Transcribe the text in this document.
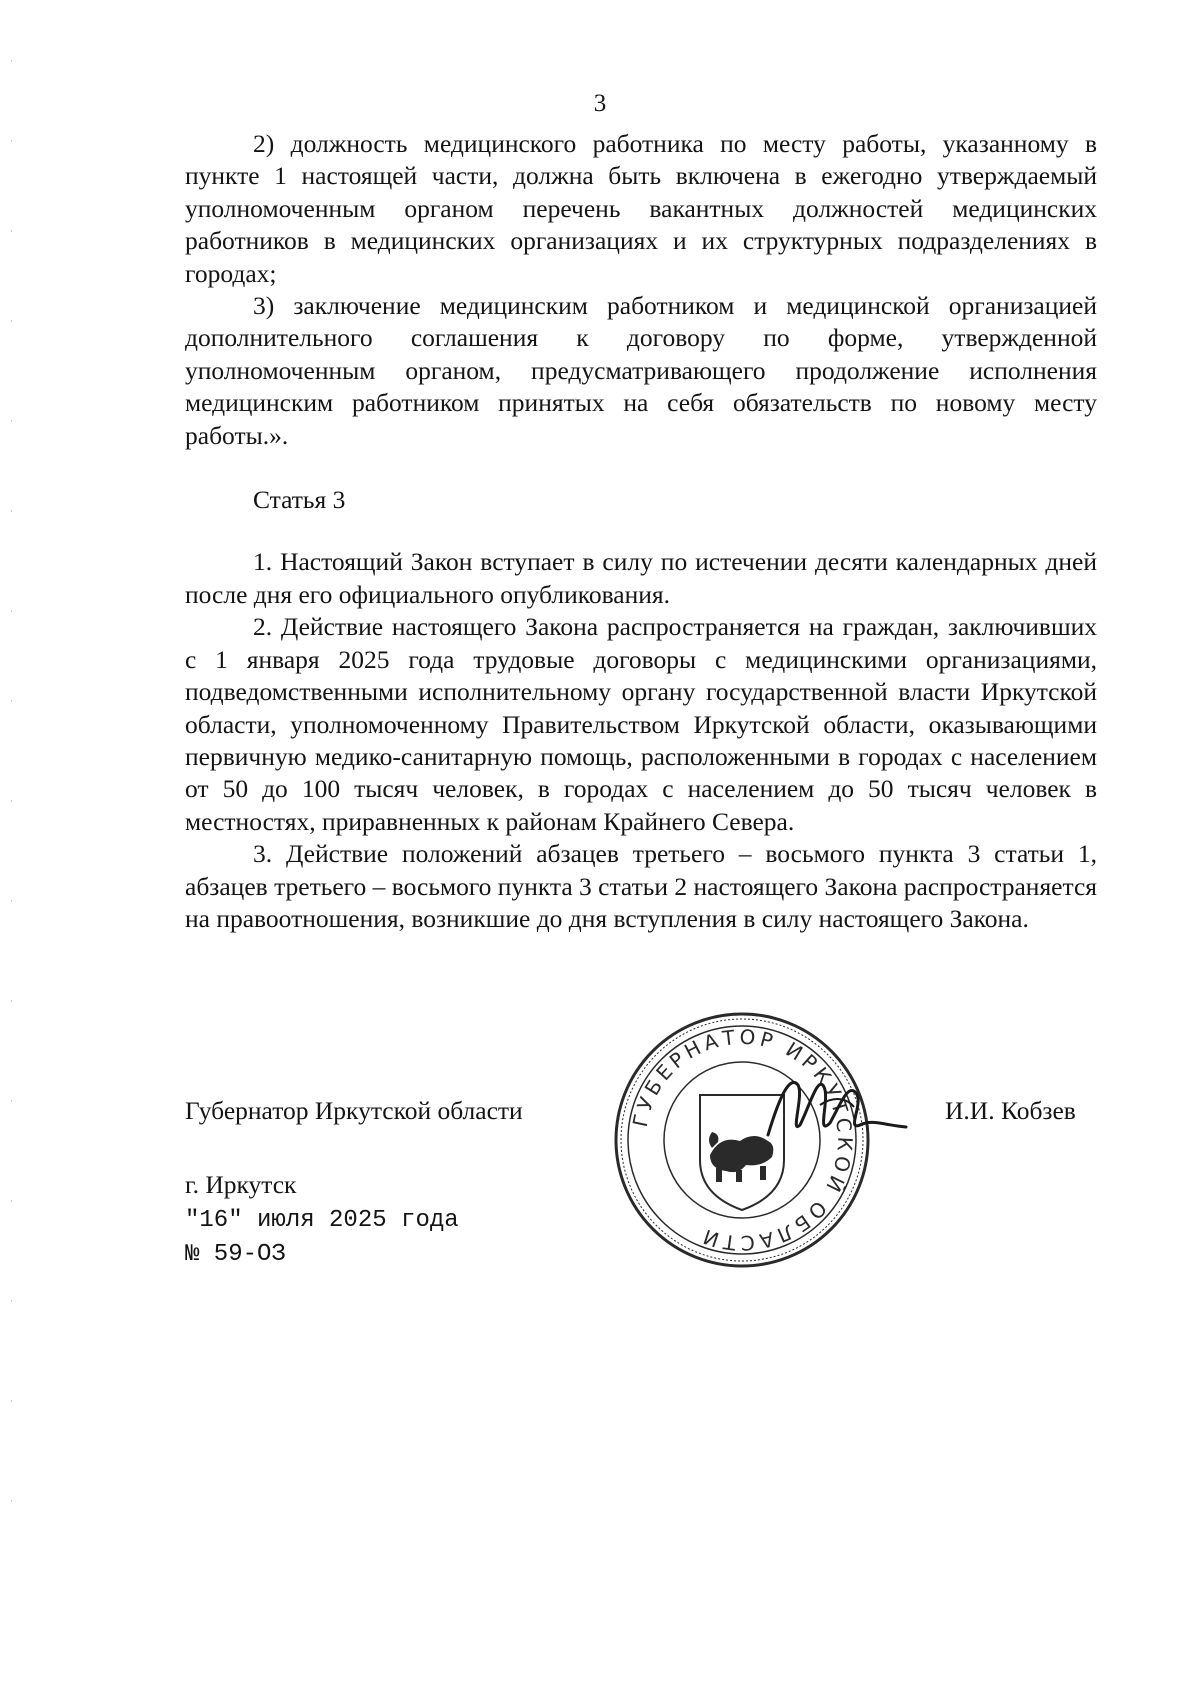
3

2) должность медицинского работника по месту работы, указанному в пункте 1 настоящей части, должна быть включена в ежегодно утверждаемый уполномоченным органом перечень вакантных должностей медицинских работников в медицинских организациях и их структурных подразделениях в городах;

3) заключение медицинским работником и медицинской организацией дополнительного соглашения к договору по форме, утвержденной уполномоченным органом, предусматривающего продолжение исполнения медицинским работником принятых на себя обязательств по новому месту работы.».

Статья 3

1. Настоящий Закон вступает в силу по истечении десяти календарных дней после дня его официального опубликования.

2. Действие настоящего Закона распространяется на граждан, заключивших с 1 января 2025 года трудовые договоры с медицинскими организациями, подведомственными исполнительному органу государственной власти Иркутской области, уполномоченному Правительством Иркутской области, оказывающими первичную медико-санитарную помощь, расположенными в городах с населением от 50 до 100 тысяч человек, в городах с населением до 50 тысяч человек в местностях, приравненных к районам Крайнего Севера.

3. Действие положений абзацев третьего – восьмого пункта 3 статьи 1, абзацев третьего – восьмого пункта 3 статьи 2 настоящего Закона распространяется на правоотношения, возникшие до дня вступления в силу настоящего Закона.

Губернатор Иркутской области	И.И. Кобзев
г. Иркутск
"16" июля 2025 года
№ 59-ОЗ
ГУБЕРНАТОР ИРКУТСКОЙ ОБЛАСТИ
